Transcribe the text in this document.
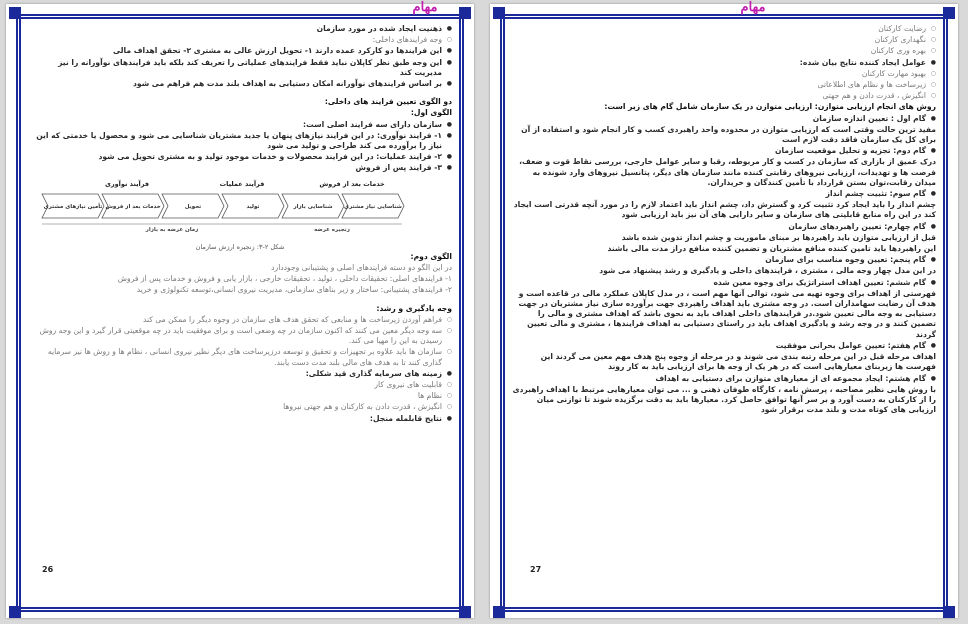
مهام

● ذهنیت ایجاد شده در مورد سازمان

○ وجه فرایندهای داخلی:

● این فرایندها دو کارکرد عمده دارند ۱- تحویل ارزش عالی به مشتری ۲- تحقق اهداف مالی

● این وجه طبق نظر کاپلان نباید فقط فرایندهای عملیاتی را تعریف کند بلکه باید فرایندهای نوآورانه را نیز مدیریت کند

● بر اساس فرایندهای نوآورانه امکان دستیابی به اهداف بلند مدت هم فراهم می شود

دو الگوی تعیین فرایند های داخلی:

الگوی اول:

● سازمان دارای سه فرایند اصلی است:

● ۱- فرایند نوآوری: در این فرایند نیازهای پنهان یا جدید مشتریان شناسایی می شود و محصول یا خدمتی که این نیاز را برآورده می کند طراحی و تولید می شود

● ۲- فرایند عملیات: در این فرایند محصولات و خدمات موجود تولید و به مشتری تحویل می شود

● ۳- فرایند پس از فروش

فرآیند نوآوری	فرآیند عملیات	خدمات بعد از فروش
تأمین نیازهای مشتری خدمات بعد از فروش	تحویل	تولید	شناسایی بازار شناسایی نیاز مشتری
زمان عرضه به بازار	زنجیره عرضه
شکل ۲-۳: زنجیره ارزش سازمان

الگوی دوم:

در این الگو دو دسته فرایندهای اصلی و پشتیبانی وجوددارد

۱- فرایندهای اصلی: تحقیقات داخلی ، تولید ، تحقیقات خارجی ، بازار یابی و فروش و خدمات پس از فروش

۲- فرایندهای پشتیبانی: ساختار و زیر بناهای سازمانی، مدیریت نیروی انسانی،توسعه تکنولوژی و خرید

وجه یادگیری و رشد:

○ فراهم آوردن زیرساخت ها و منابعی که تحقق هدف های سازمان در وجوه دیگر را ممکن می کند

○ سه وجه دیگر معین می کنند که اکنون سازمان در چه وضعی است و برای موفقیت باید در چه موقعیتی قرار گیرد و این وجه روش رسیدن به این را مهیا می کند.

○ سازمان ها باید علاوه بر تجهیزات و تحقیق و توسعه درزیرساخت های دیگر نظیر نیروی انسانی ، نظام ها و روش ها نیز سرمایه گذاری کنند تا به هدف های مالی بلند مدت دست یابند.

● زمینه های سرمایه گذاری قید شکلی:

○ قابلیت های نیروی کار

○ نظام ها

○ انگیزش ، قدرت دادن به کارکنان و هم جهتی نیروها

● نتایج قابلمله منجل:

26
مهام

○ رضایت کارکنان

○ نگهداری کارکنان

○ بهره وری کارکنان

● عوامل ایجاد کننده نتایج بیان شده:

○ بهبود مهارت کارکنان

○ زیرساخت ها و نظام های اطلاعاتی

○ انگیزش ، قدرت دادن و هم جهتی

روش های انجام ارزیابی متوازن: ارزیابی متوازن در یک سازمان شامل گام های زیر است:

● گام اول : تعیین اندازه سازمان

مفید ترین حالت وقتی است که ارزیابی متوازن در محدوده واحد راهبردی کسب و کار انجام شود و استفاده از آن برای کل یک سازمان فاقد دقت لازم است

● گام دوم: تجزیه و تحلیل موقعیت سازمان

درک عمیق از بازاری که سازمان در کسب و کار مربوطه، رقبا و سایر عوامل خارجی، بررسی نقاط قوت و ضعف، فرصت ها و تهدیدات، ارزیابی نیروهای رقابتی کننده مانند سازمان های دیگر، پتانسیل نیروهای وارد شونده به میدان رقابت،توان بستن قرارداد با تأمین کنندگان و خریداران.

● گام سوم: تثبیت چشم انداز

چشم انداز را باید ایجاد کرد تثبیت کرد و گسترش داد، چشم انداز باید اعتماد لازم را در مورد آنچه قدرتی است ایجاد کند در این راه منابع قابلیتی های سازمان و سایر دارایی های آن نیز باید ارزیابی شود

● گام چهارم: تعیین راهبردهای سازمان

قبل از ارزیابی متوازن باید راهبردها بر مبنای ماموریت و چشم انداز تدوین شده باشد

این راهبردها باید تامین کننده منافع مشتریان و تضمین کننده منافع دراز مدت مالی باشند

● گام پنجم: تعیین وجوه مناسب برای سازمان

در این مدل چهار وجه مالی ، مشتری ، فرایندهای داخلی و یادگیری و رشد پیشنهاد می شود

● گام ششم: تعیین اهداف استراتژیک برای وجوه معین شده

فهرستی از اهداف برای وجوه تهیه می شود، توالی آنها مهم است ، در مدل کاپلان عملکرد مالی در قاعده است و هدف آن رضایت سهامداران است. در وجه مشتری باید اهداف راهبردی جهت برآورده سازی نیاز مشتریان در جهت دستیابی به وجه مالی تعیین شود.در فرایندهای داخلی اهداف باید به نحوی باشد که اهداف مشتری و مالی را تضمین کنند و در وجه رشد و یادگیری اهداف باید در راستای دستیابی به اهداف فرایندها ، مشتری و مالی تعیین گردند

● گام هفتم: تعیین عوامل بحرانی موفقیت

اهداف مرحله قبل در این مرحله رتبه بندی می شوند و در مرحله از وجوه پنج هدف مهم معین می گردند این فهرست ها زیربنای معیارهایی است که در هر یک از وجه ها برای ارزیابی باید به کار روند

● گام هشتم: ایجاد مجموعه ای از معیارهای متوازن برای دستیابی به اهداف

با روش هایی نظیر مصاحبه ، پرسش نامه ، کارگاه طوفان ذهنی و ... می توان معیارهایی مرتبط با اهداف راهبردی را از کارکنان به دست آورد و بر سر آنها توافق حاصل کرد. معیارها باید به دقت برگزیده شوند تا توازنی میان ارزیابی های کوتاه مدت و بلند مدت برقرار شود

27
